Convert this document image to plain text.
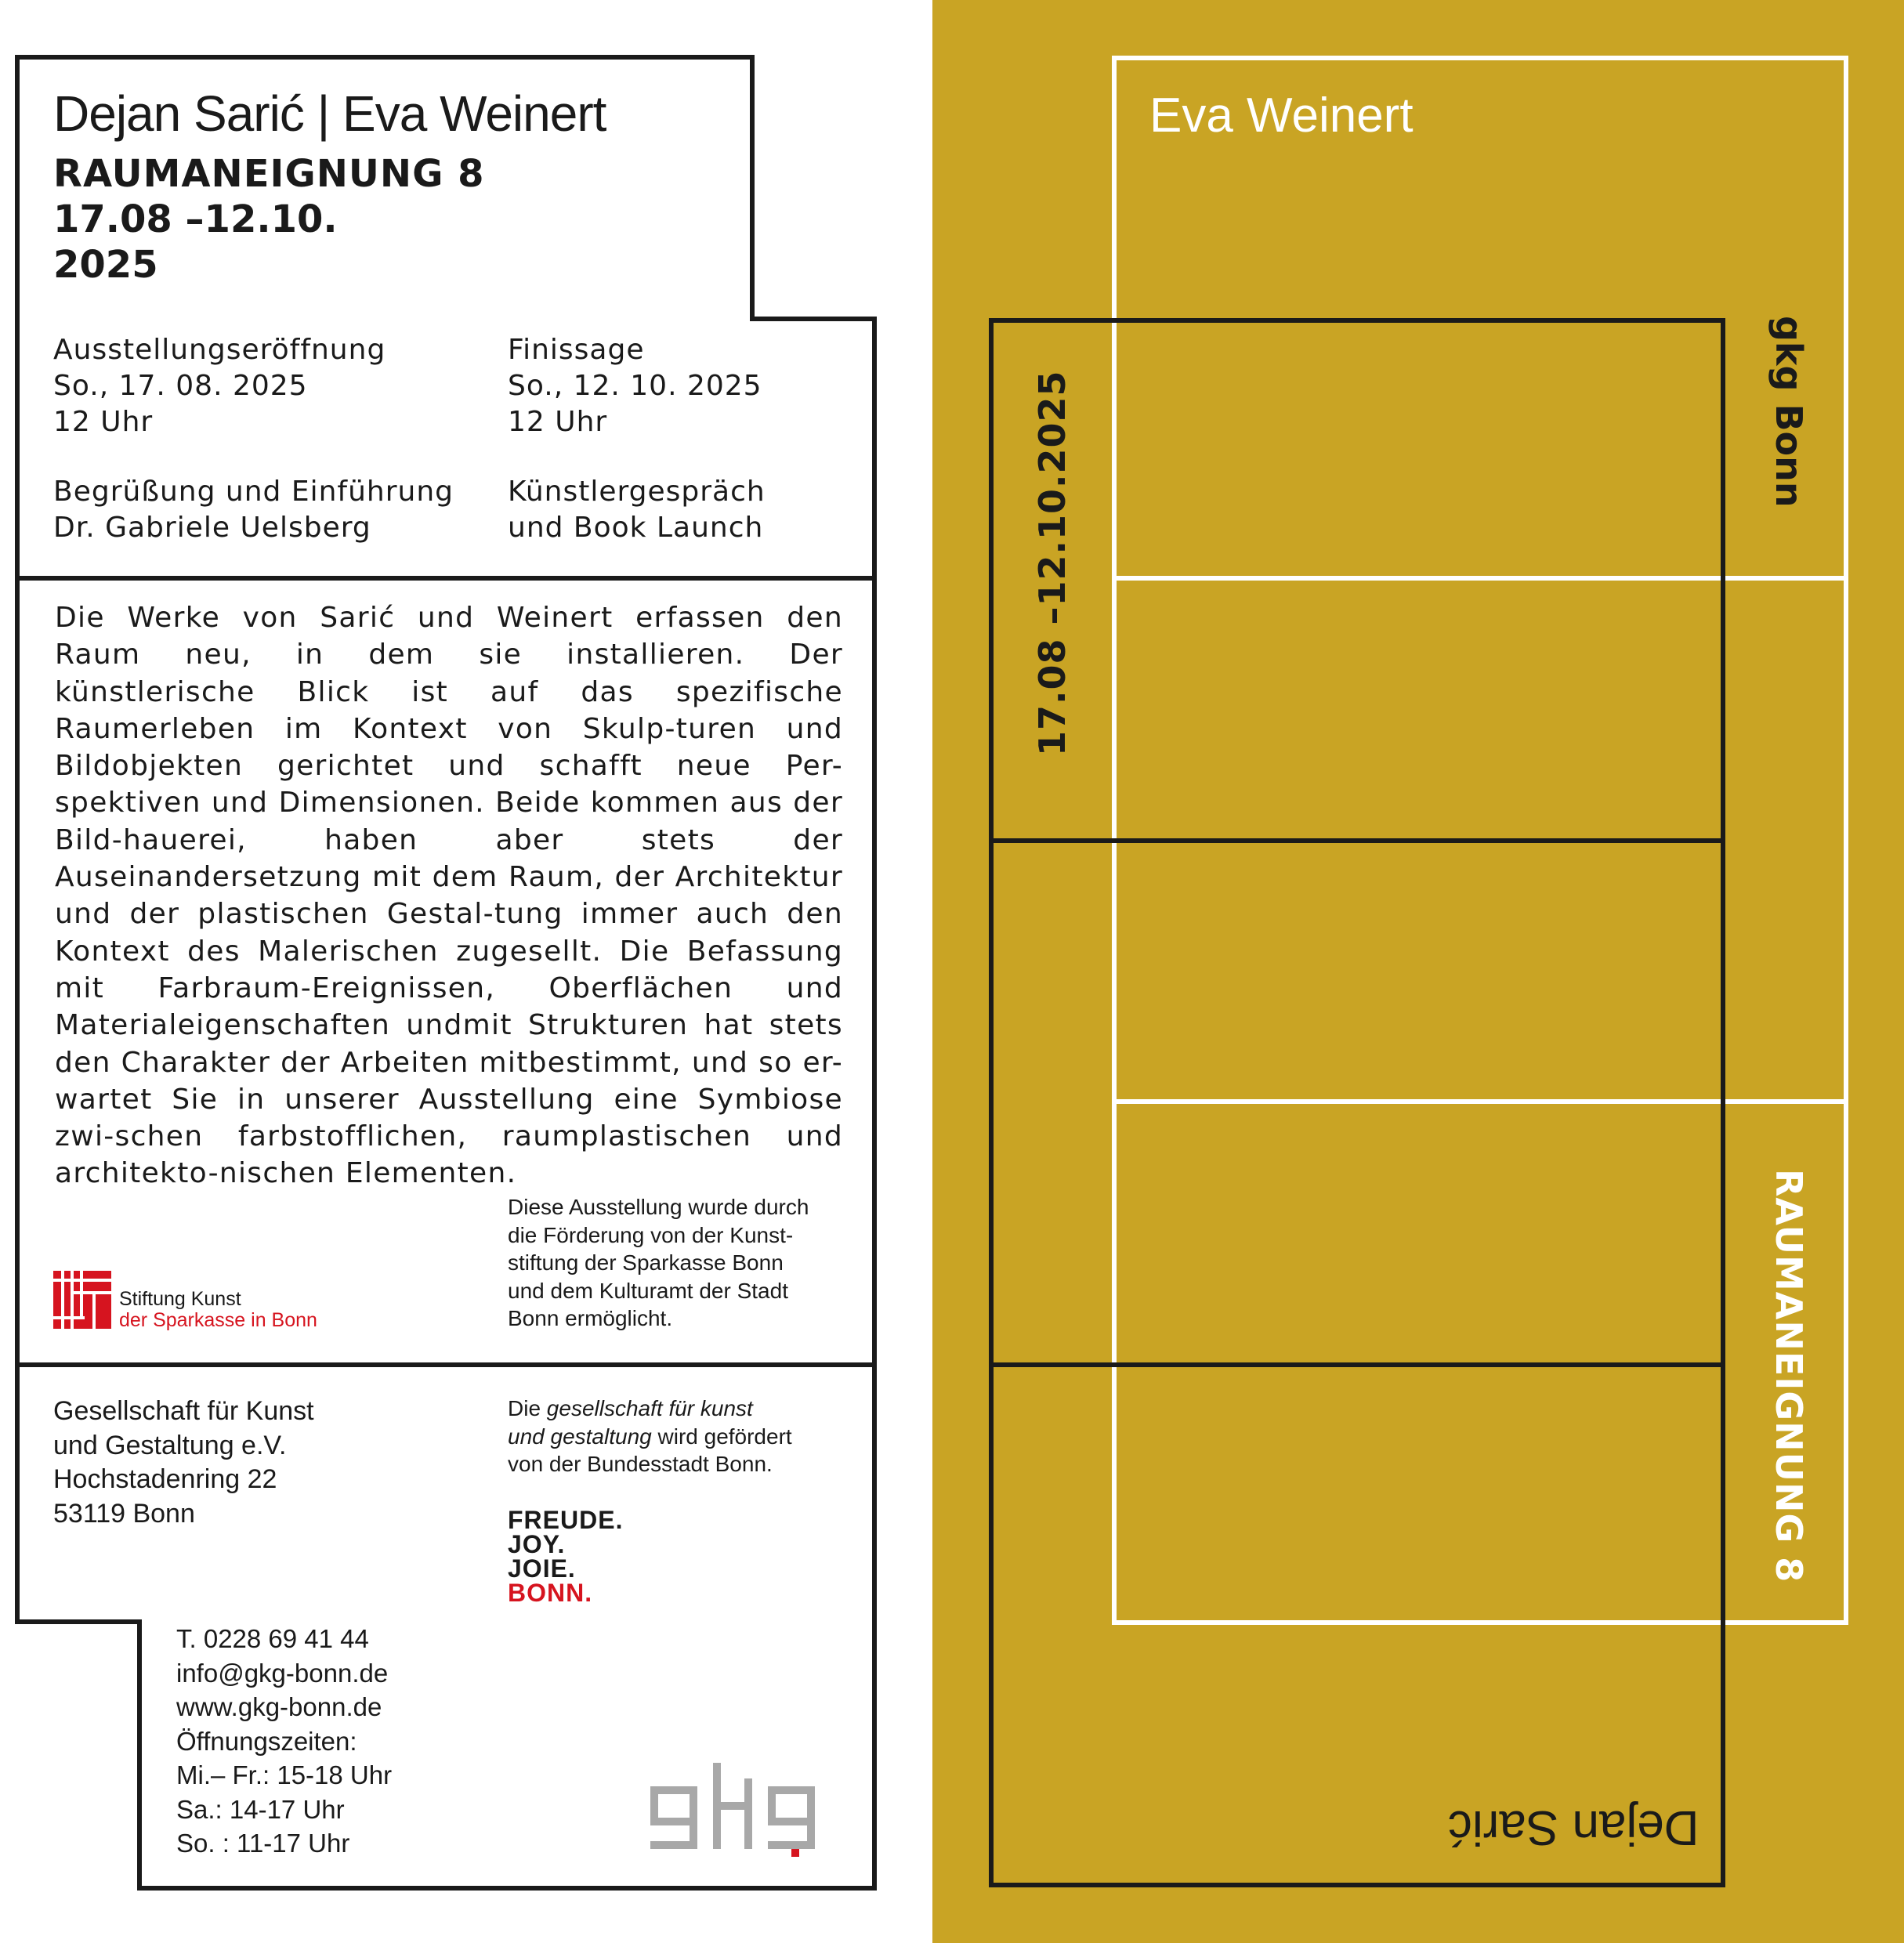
Dejan Sarić | Eva Weinert
RAUMANEIGNUNG 8
17.08 –12.10.
2025
Ausstellungseröffnung
So., 17. 08. 2025
12 Uhr
Begrüßung und Einführung
Dr. Gabriele Uelsberg
Finissage
So., 12. 10. 2025
12 Uhr
Künstlergespräch
und Book Launch
Die Werke von Sarić und Weinert erfassen den Raum neu, in dem sie installieren. Der künstlerische Blick ist auf das spezifische Raumerleben im Kontext von Skulp-turen und Bildobjekten gerichtet und schafft neue Per-spektiven und Dimensionen. Beide kommen aus der Bild-hauerei, haben aber stets der Auseinandersetzung mit dem Raum, der Architektur und der plastischen Gestal-tung immer auch den Kontext des Malerischen zugesellt. Die Befassung mit Farbraum-Ereignissen, Oberflächen und Materialeigenschaften undmit Strukturen hat stets den Charakter der Arbeiten mitbestimmt, und so er-wartet Sie in unserer Ausstellung eine Symbiose zwi-schen farbstofflichen, raumplastischen und architekto-nischen Elementen.
Stiftung Kunst
der Sparkasse in Bonn
Diese Ausstellung wurde durch
die Förderung von der Kunst-
stiftung der Sparkasse Bonn
und dem Kulturamt der Stadt
Bonn ermöglicht.
Gesellschaft für Kunst
und Gestaltung e.V.
Hochstadenring 22
53119 Bonn
Die gesellschaft für kunst
und gestaltung wird gefördert
von der Bundesstadt Bonn.
FREUDE.
JOY.
JOIE.
BONN.
T. 0228 69 41 44
info@gkg-bonn.de
www.gkg-bonn.de
Öffnungszeiten:
Mi.– Fr.: 15-18 Uhr
Sa.: 14-17 Uhr
So. : 11-17 Uhr
Eva Weinert
17.08 –12.10.2025	gkg Bonn
RAUMANEIGNUNG 8
Dejan Sarić
